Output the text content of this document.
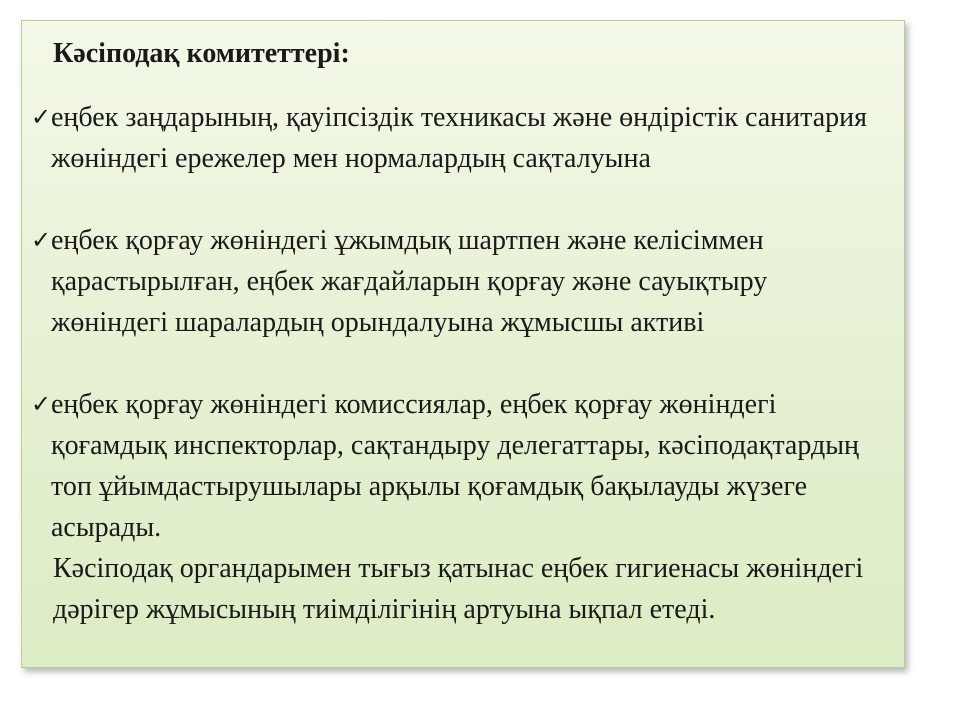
Кәсіподақ комитеттері:

✓ еңбек заңдарының, қауіпсіздік техникасы және өндірістік санитария жөніндегі ережелер мен нормалардың сақталуына
✓ еңбек қорғау жөніндегі ұжымдық шартпен және келісіммен қарастырылған, еңбек жағдайларын қорғау және сауықтыру жөніндегі шаралардың орындалуына жұмысшы активі
✓ еңбек қорғау жөніндегі комиссиялар, еңбек қорғау жөніндегі қоғамдық инспекторлар, сақтандыру делегаттары, кәсіподақтардың топ ұйымдастырушылары арқылы қоғамдық бақылауды жүзеге асырады.

Кәсіподақ органдарымен тығыз қатынас еңбек гигиенасы жөніндегі дәрігер жұмысының тиімділігінің артуына ықпал етеді.
